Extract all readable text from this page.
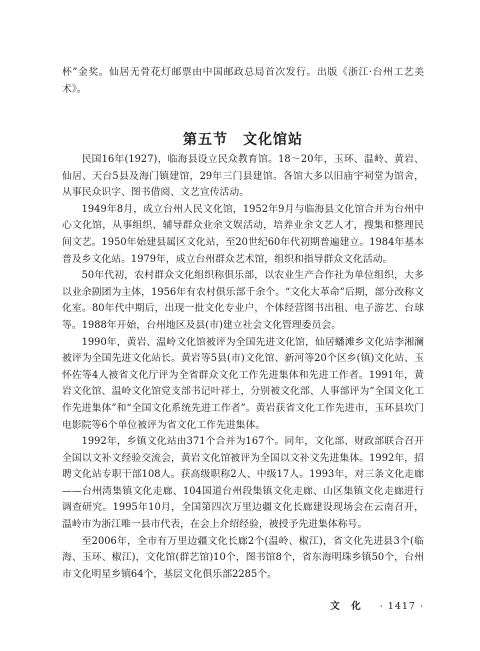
杯”金奖。仙居无骨花灯邮票由中国邮政总局首次发行。出版《浙江·台州工艺美术》。

第五节　文化馆站

民国16年(1927)，临海县设立民众教育馆。18～20年，玉环、温岭、黄岩、仙居、天台5县及海门镇建馆，29年三门县建馆。各馆大多以旧庙宇祠堂为馆舍，从事民众识字、图书借阅、文艺宣传活动。

1949年8月，成立台州人民文化馆，1952年9月与临海县文化馆合并为台州中心文化馆，从事组织、辅导群众业余文娱活动，培养业余文艺人才，搜集和整理民间文艺。1950年始建县属区文化站，至20世纪60年代初期普遍建立。1984年基本普及乡文化站。1979年，成立台州群众艺术馆，组织和指导群众文化活动。

50年代初，农村群众文化组织称俱乐部，以农业生产合作社为单位组织，大多以业余剧团为主体，1956年有农村俱乐部千余个。“文化大革命”后期，部分改称文化室。80年代中期后，出现一批文化专业户，个体经营图书出租、电子游艺、台球等。1988年开始，台州地区及县(市)建立社会文化管理委员会。

1990年，黄岩、温岭文化馆被评为全国先进文化馆，仙居蟠滩乡文化站李湘澜被评为全国先进文化站长。黄岩等5县(市)文化馆、新河等20个区乡(镇)文化站、玉怀佐等4人被省文化厅评为全省群众文化工作先进集体和先进工作者。1991年，黄岩文化馆、温岭文化馆党支部书记叶祥土，分别被文化部、人事部评为“全国文化工作先进集体”和“全国文化系统先进工作者”。黄岩获省文化工作先进市，玉环县坎门电影院等6个单位被评为省文化工作先进集体。

1992年，乡镇文化站由371个合并为167个。同年，文化部、财政部联合召开全国以文补文经验交流会，黄岩文化馆被评为全国以文补文先进集体。1992年，招聘文化站专职干部108人。获高级职称2人、中级17人。1993年，对三条文化走廊——台州湾集镇文化走廊、104国道台州段集镇文化走廊、山区集镇文化走廊进行调查研究。1995年10月，全国第四次万里边疆文化长廊建设现场会在云南召开，温岭市为浙江唯一县市代表，在会上介绍经验，被授予先进集体称号。

至2006年，全市有万里边疆文化长廊2个(温岭、椒江)，省文化先进县3个(临海、玉环、椒江)，文化馆(群艺馆)10个，图书馆8个，省东海明珠乡镇50个，台州市文化明星乡镇64个，基层文化俱乐部2285个。

文　化 · 1417 ·
